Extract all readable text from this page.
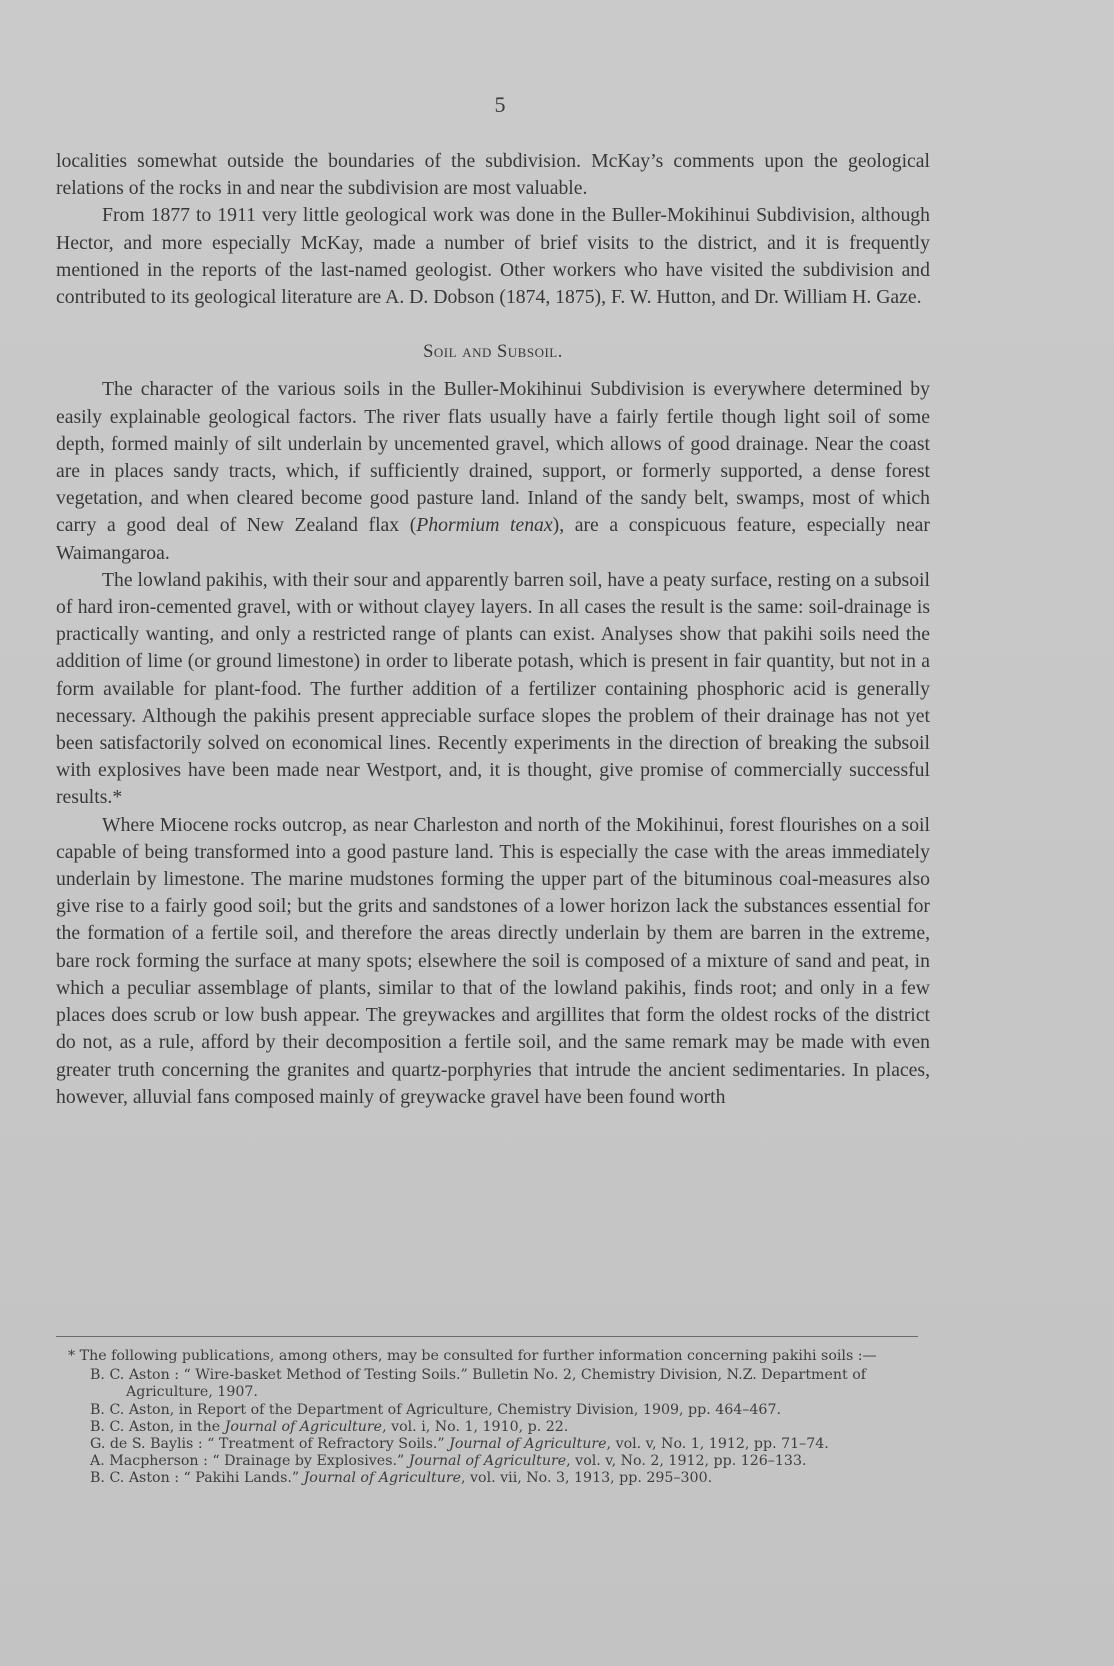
5

localities somewhat outside the boundaries of the subdivision. McKay’s comments upon the geological relations of the rocks in and near the subdivision are most valuable.

From 1877 to 1911 very little geological work was done in the Buller-Mokihinui Subdivision, although Hector, and more especially McKay, made a number of brief visits to the district, and it is frequently mentioned in the reports of the last-named geologist. Other workers who have visited the subdivision and contributed to its geological literature are A. D. Dobson (1874, 1875), F. W. Hutton, and Dr. William H. Gaze.

Soil and Subsoil.

The character of the various soils in the Buller-Mokihinui Subdivision is everywhere determined by easily explainable geological factors. The river flats usually have a fairly fertile though light soil of some depth, formed mainly of silt underlain by uncemented gravel, which allows of good drainage. Near the coast are in places sandy tracts, which, if sufficiently drained, support, or formerly supported, a dense forest vegetation, and when cleared become good pasture land. Inland of the sandy belt, swamps, most of which carry a good deal of New Zealand flax (Phormium tenax), are a conspicuous feature, especially near Waimangaroa.

The lowland pakihis, with their sour and apparently barren soil, have a peaty surface, resting on a subsoil of hard iron-cemented gravel, with or without clayey layers. In all cases the result is the same: soil-drainage is practically wanting, and only a restricted range of plants can exist. Analyses show that pakihi soils need the addition of lime (or ground limestone) in order to liberate potash, which is present in fair quantity, but not in a form available for plant-food. The further addition of a fertilizer containing phosphoric acid is generally necessary. Although the pakihis present appreciable surface slopes the problem of their drainage has not yet been satisfactorily solved on economical lines. Recently experiments in the direction of breaking the subsoil with explosives have been made near Westport, and, it is thought, give promise of commercially successful results.*

Where Miocene rocks outcrop, as near Charleston and north of the Mokihinui, forest flourishes on a soil capable of being transformed into a good pasture land. This is especially the case with the areas immediately underlain by limestone. The marine mudstones forming the upper part of the bituminous coal-measures also give rise to a fairly good soil; but the grits and sandstones of a lower horizon lack the substances essential for the formation of a fertile soil, and therefore the areas directly underlain by them are barren in the extreme, bare rock forming the surface at many spots; elsewhere the soil is composed of a mixture of sand and peat, in which a peculiar assemblage of plants, similar to that of the lowland pakihis, finds root; and only in a few places does scrub or low bush appear. The greywackes and argillites that form the oldest rocks of the district do not, as a rule, afford by their decomposition a fertile soil, and the same remark may be made with even greater truth concerning the granites and quartz-porphyries that intrude the ancient sedimentaries. In places, however, alluvial fans composed mainly of greywacke gravel have been found worth

* The following publications, among others, may be consulted for further information concerning pakihi soils :—

B. C. Aston : “ Wire-basket Method of Testing Soils.” Bulletin No. 2, Chemistry Division, N.Z. Department of Agriculture, 1907.
B. C. Aston, in Report of the Department of Agriculture, Chemistry Division, 1909, pp. 464–467.
B. C. Aston, in the Journal of Agriculture, vol. i, No. 1, 1910, p. 22.
G. de S. Baylis : “ Treatment of Refractory Soils.” Journal of Agriculture, vol. v, No. 1, 1912, pp. 71–74.
A. Macpherson : “ Drainage by Explosives.” Journal of Agriculture, vol. v, No. 2, 1912, pp. 126–133.
B. C. Aston : “ Pakihi Lands.” Journal of Agriculture, vol. vii, No. 3, 1913, pp. 295–300.
